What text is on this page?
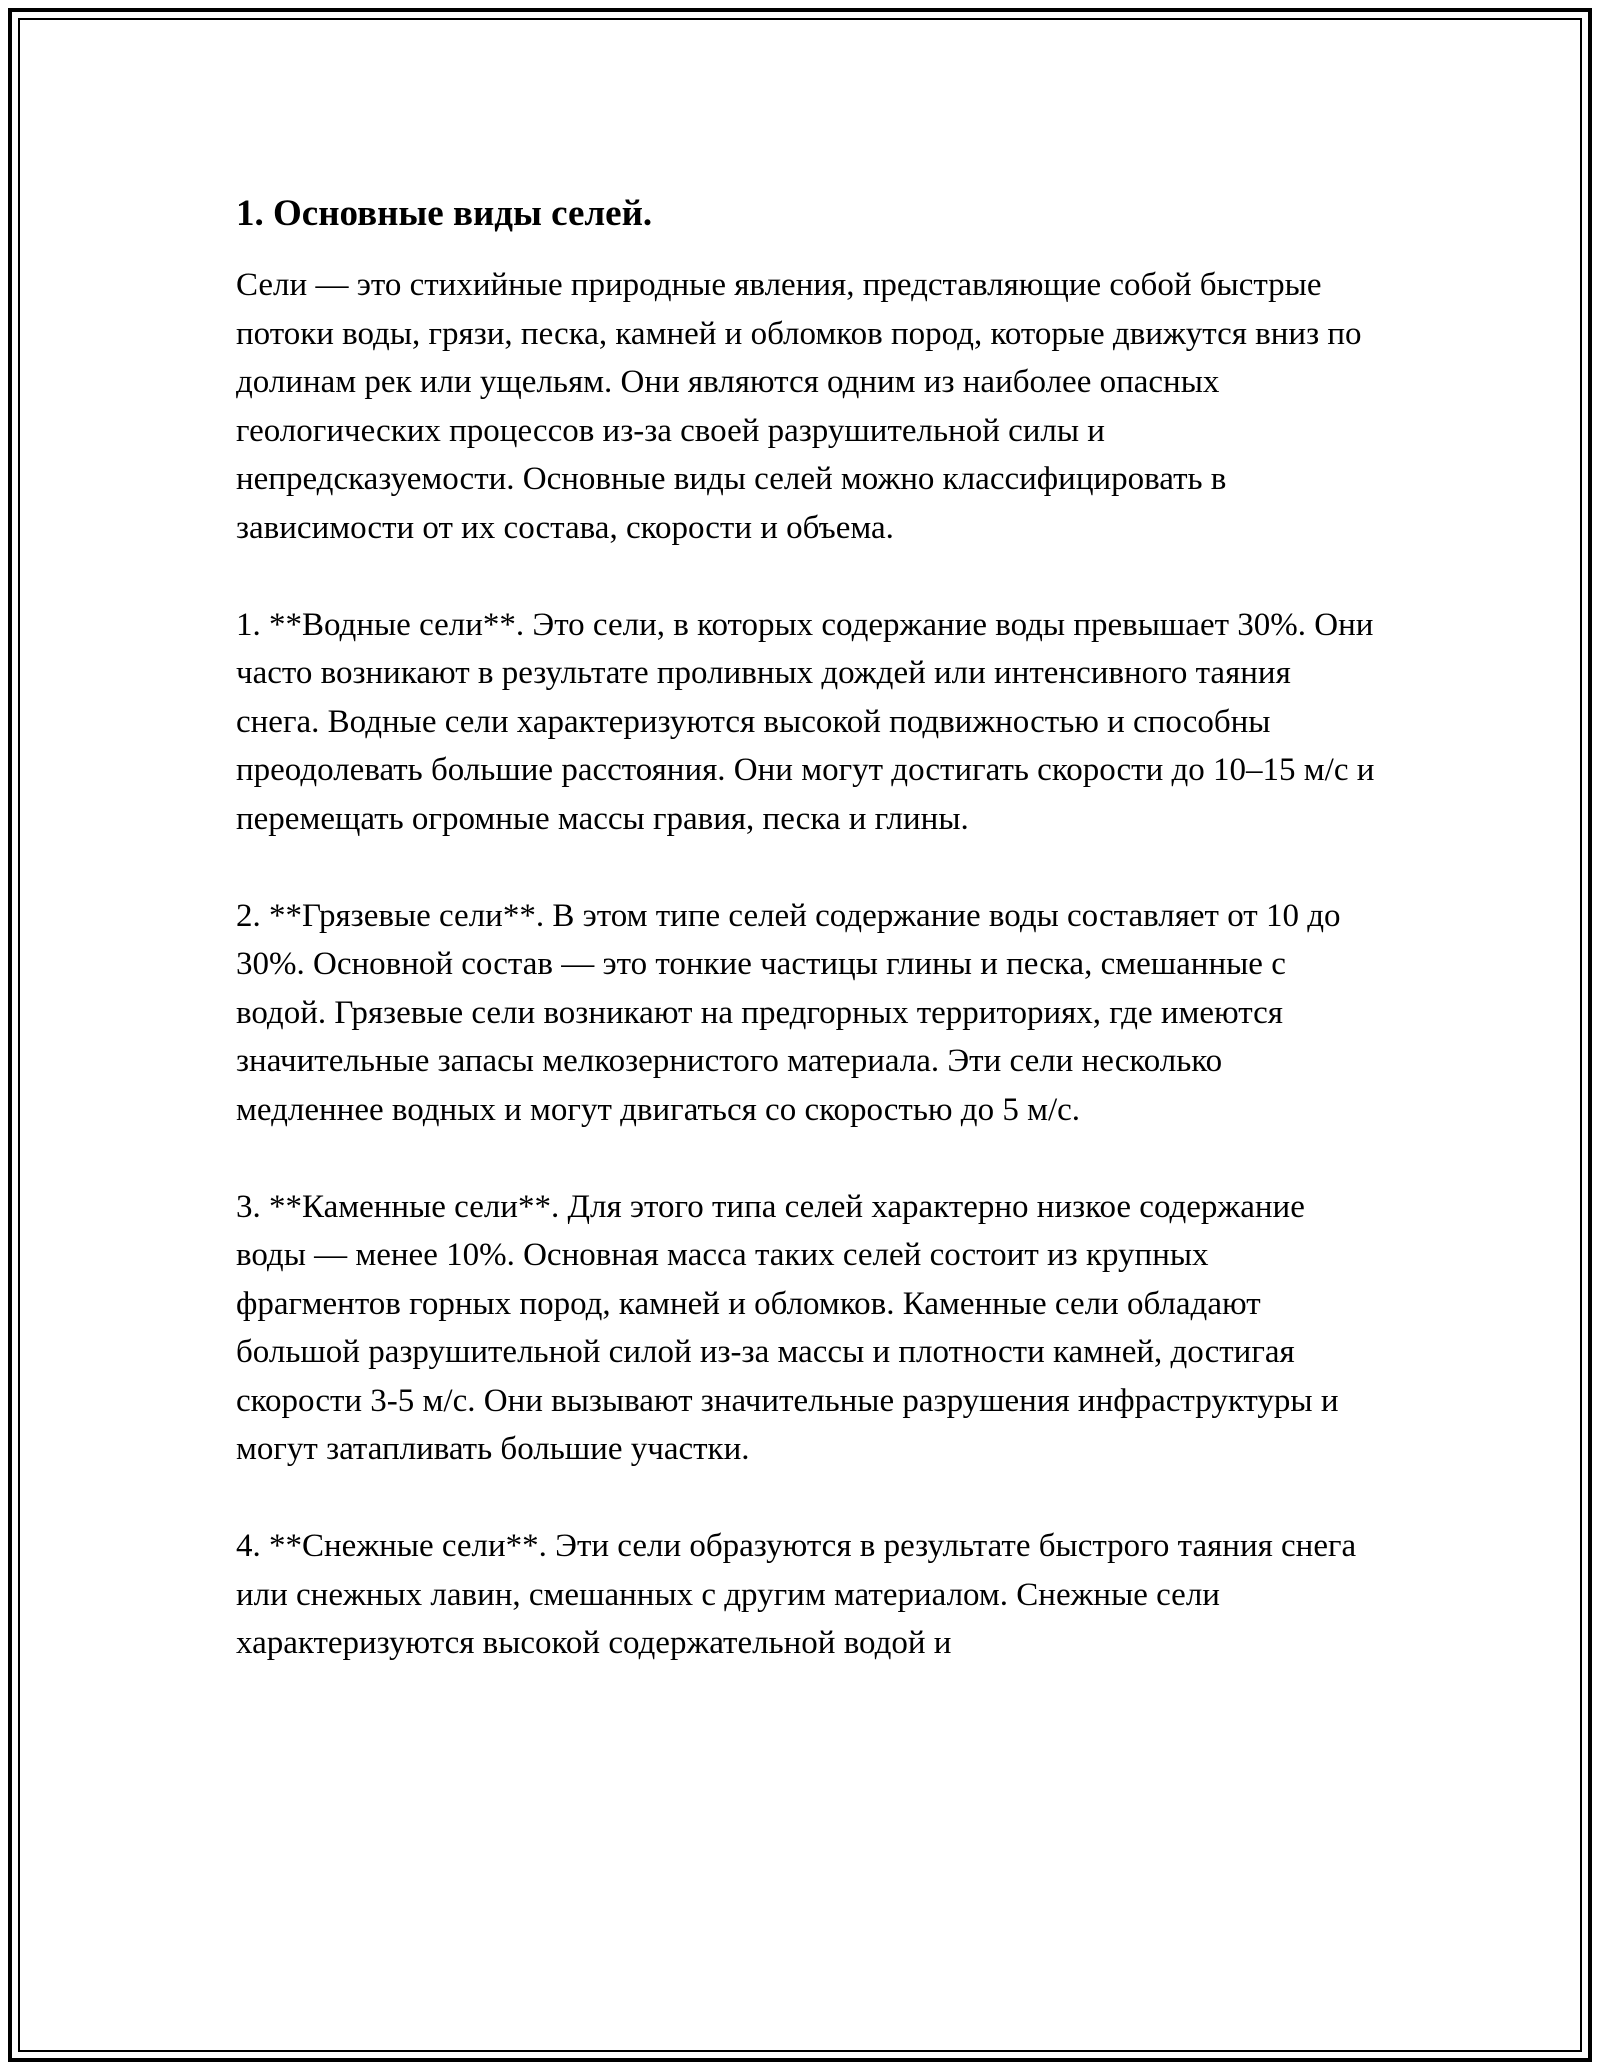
1. Основные виды селей.

Сели — это стихийные природные явления, представляющие собой быстрые потоки воды, грязи, песка, камней и обломков пород, которые движутся вниз по долинам рек или ущельям. Они являются одним из наиболее опасных геологических процессов из-за своей разрушительной силы и непредсказуемости. Основные виды селей можно классифицировать в зависимости от их состава, скорости и объема.

1. **Водные сели**. Это сели, в которых содержание воды превышает 30%. Они часто возникают в результате проливных дождей или интенсивного таяния снега. Водные сели характеризуются высокой подвижностью и способны преодолевать большие расстояния. Они могут достигать скорости до 10–15 м/с и перемещать огромные массы гравия, песка и глины.

2. **Грязевые сели**. В этом типе селей содержание воды составляет от 10 до 30%. Основной состав — это тонкие частицы глины и песка, смешанные с водой. Грязевые сели возникают на предгорных территориях, где имеются значительные запасы мелкозернистого материала. Эти сели несколько медленнее водных и могут двигаться со скоростью до 5 м/с.

3. **Каменные сели**. Для этого типа селей характерно низкое содержание воды — менее 10%. Основная масса таких селей состоит из крупных фрагментов горных пород, камней и обломков. Каменные сели обладают большой разрушительной силой из-за массы и плотности камней, достигая скорости 3-5 м/с. Они вызывают значительные разрушения инфраструктуры и могут затапливать большие участки.

4. **Снежные сели**. Эти сели образуются в результате быстрого таяния снега или снежных лавин, смешанных с другим материалом. Снежные сели характеризуются высокой содержательной водой и
